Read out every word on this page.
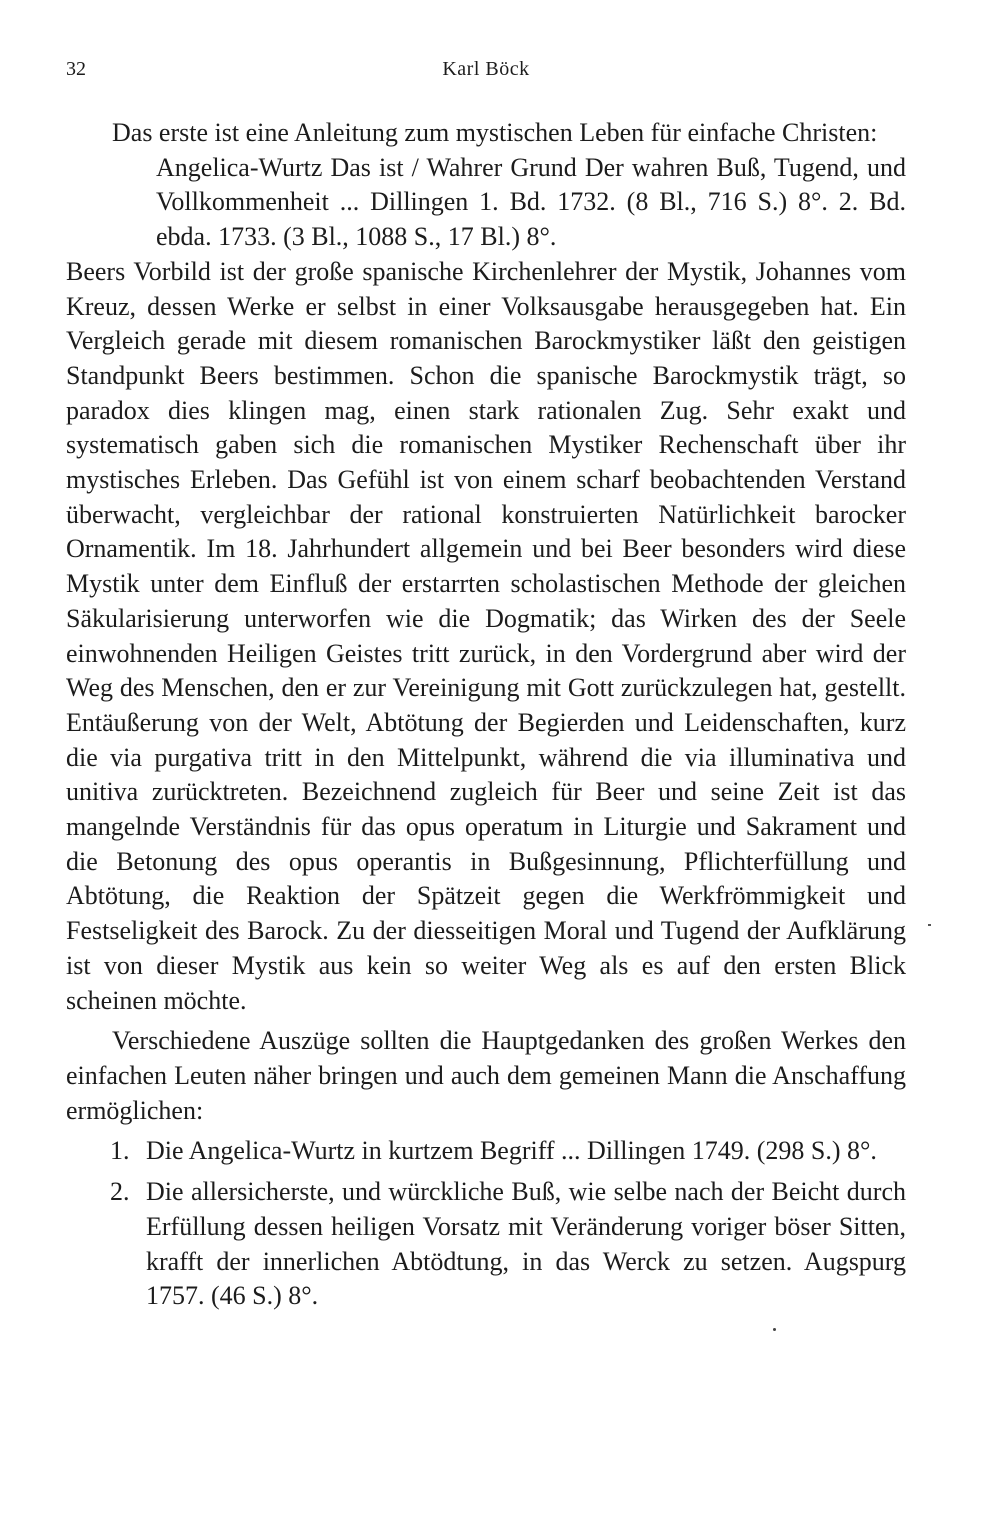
32	Karl Böck

Das erste ist eine Anleitung zum mystischen Leben für einfache Christen:

Angelica-Wurtz Das ist / Wahrer Grund Der wahren Buß, Tugend, und Vollkommenheit ... Dillingen 1. Bd. 1732. (8 Bl., 716 S.) 8°. 2. Bd. ebda. 1733. (3 Bl., 1088 S., 17 Bl.) 8°.

Beers Vorbild ist der große spanische Kirchenlehrer der Mystik, Johannes vom Kreuz, dessen Werke er selbst in einer Volksausgabe herausgegeben hat. Ein Vergleich gerade mit diesem romanischen Barockmystiker läßt den geistigen Standpunkt Beers bestimmen. Schon die spanische Barockmystik trägt, so paradox dies klingen mag, einen stark rationalen Zug. Sehr exakt und systematisch gaben sich die romanischen Mystiker Rechenschaft über ihr mystisches Erleben. Das Gefühl ist von einem scharf beobachtenden Verstand überwacht, vergleichbar der rational konstruierten Natürlichkeit barocker Ornamentik. Im 18. Jahrhundert allgemein und bei Beer besonders wird diese Mystik unter dem Einfluß der erstarrten scholastischen Methode der gleichen Säkularisierung unterworfen wie die Dogmatik; das Wirken des der Seele einwohnenden Heiligen Geistes tritt zurück, in den Vordergrund aber wird der Weg des Menschen, den er zur Vereinigung mit Gott zurückzulegen hat, gestellt. Entäußerung von der Welt, Abtötung der Begierden und Leidenschaften, kurz die via purgativa tritt in den Mittelpunkt, während die via illuminativa und unitiva zurücktreten. Bezeichnend zugleich für Beer und seine Zeit ist das mangelnde Verständnis für das opus operatum in Liturgie und Sakrament und die Betonung des opus operantis in Bußgesinnung, Pflichterfüllung und Abtötung, die Reaktion der Spätzeit gegen die Werkfrömmigkeit und Festseligkeit des Barock. Zu der diesseitigen Moral und Tugend der Aufklärung ist von dieser Mystik aus kein so weiter Weg als es auf den ersten Blick scheinen möchte.

Verschiedene Auszüge sollten die Hauptgedanken des großen Werkes den einfachen Leuten näher bringen und auch dem gemeinen Mann die Anschaffung ermöglichen:

1. Die Angelica-Wurtz in kurtzem Begriff ... Dillingen 1749. (298 S.) 8°.
2. Die allersicherste, und würckliche Buß, wie selbe nach der Beicht durch Erfüllung dessen heiligen Vorsatz mit Veränderung voriger böser Sitten, krafft der innerlichen Abtödtung, in das Werck zu setzen. Augspurg 1757. (46 S.) 8°.
